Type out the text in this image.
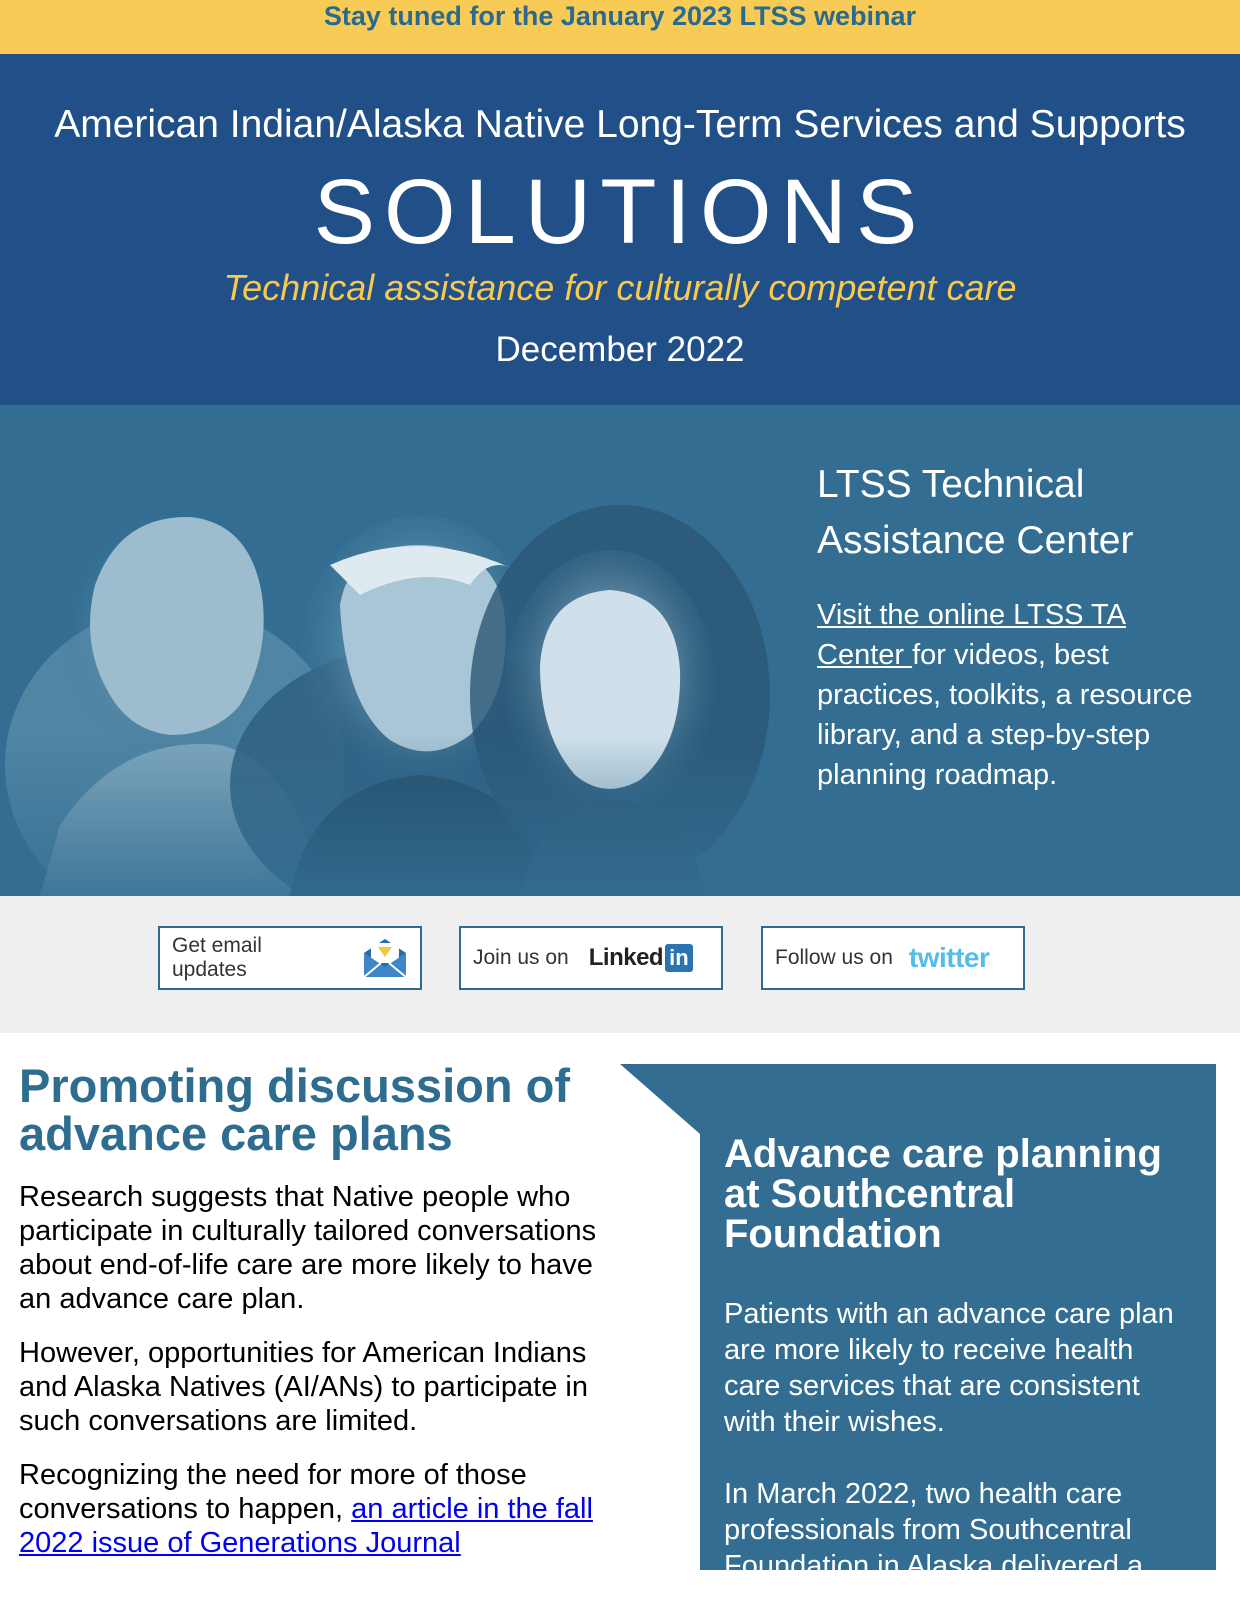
Stay tuned for the January 2023 LTSS webinar
American Indian/Alaska Native Long-Term Services and Supports
SOLUTIONS
Technical assistance for culturally competent care
December 2022
LTSS Technical
Assistance Center

Visit the online LTSS TA Center for videos, best practices, toolkits, a resource library, and a step-by-step planning roadmap.

Get email updates
Join us on Linked in	Follow us on twitter
Promoting discussion of advance care plans

Research suggests that Native people who participate in culturally tailored conversations about end-of-life care are more likely to have an advance care plan.

However, opportunities for American Indians and Alaska Natives (AI/ANs) to participate in such conversations are limited.

Recognizing the need for more of those conversations to happen, an article in the fall 2022 issue of Generations Journal

Advance care planning at Southcentral Foundation

Patients with an advance care plan are more likely to receive health care services that are consistent with their wishes.

In March 2022, two health care professionals from Southcentral Foundation in Alaska delivered a
